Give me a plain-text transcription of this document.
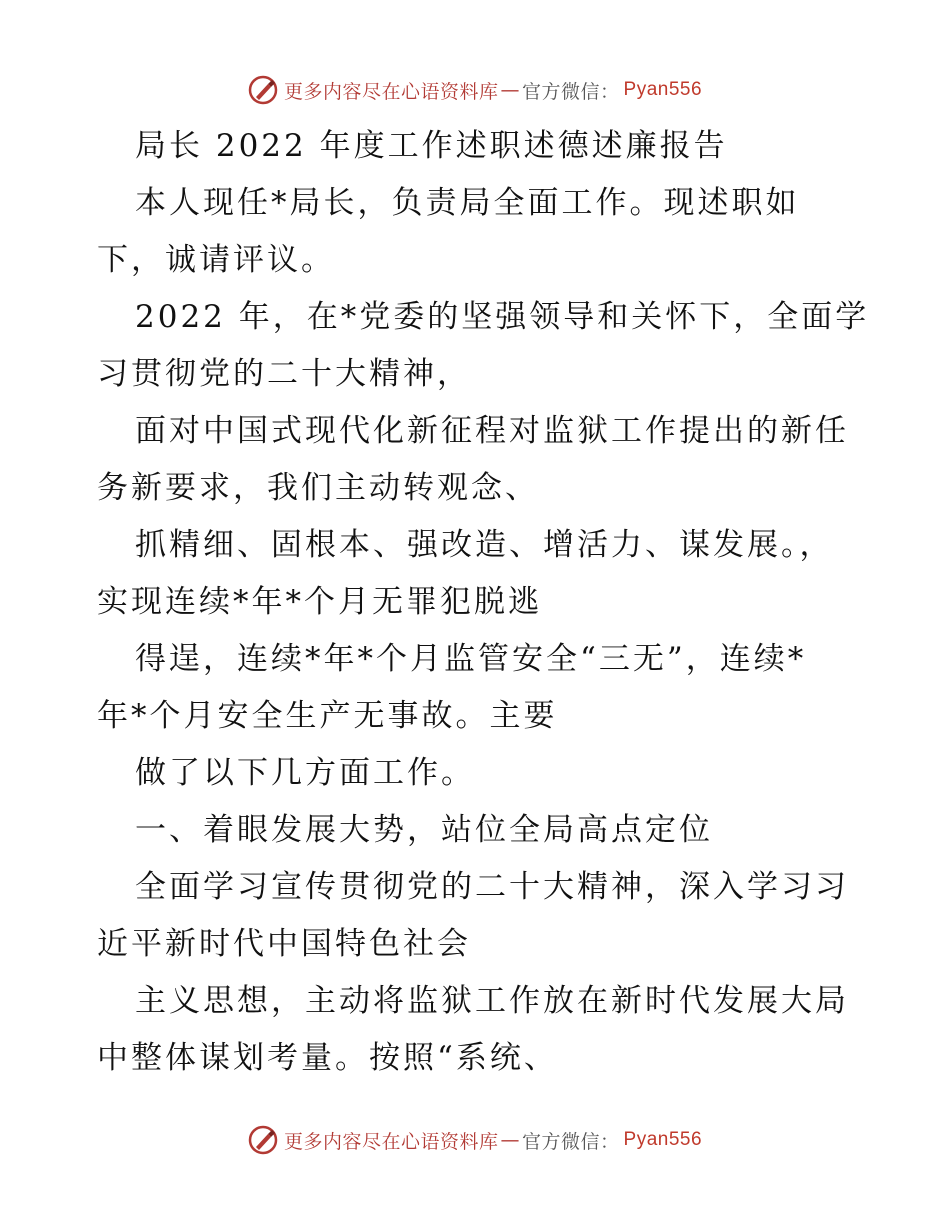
更多内容尽在心语资料库 — 官方微信 ： Pyan556

局长 2022 年度工作述职述德述廉报告

本人现任*局长，负责局全面工作。现述职如
下，诚请评议。

2022 年，在*党委的坚强领导和关怀下，全面学
习贯彻党的二十大精神，

面对中国式现代化新征程对监狱工作提出的新任
务新要求，我们主动转观念、

抓精细、固根本、强改造、增活力、谋发展。，
实现连续*年*个月无罪犯脱逃

得逞，连续*年*个月监管安全“三无”，连续*
年*个月安全生产无事故。主要

做了以下几方面工作。

一、着眼发展大势，站位全局高点定位

全面学习宣传贯彻党的二十大精神，深入学习习
近平新时代中国特色社会

主义思想，主动将监狱工作放在新时代发展大局
中整体谋划考量。按照“系统、

更多内容尽在心语资料库 — 官方微信 ： Pyan556
